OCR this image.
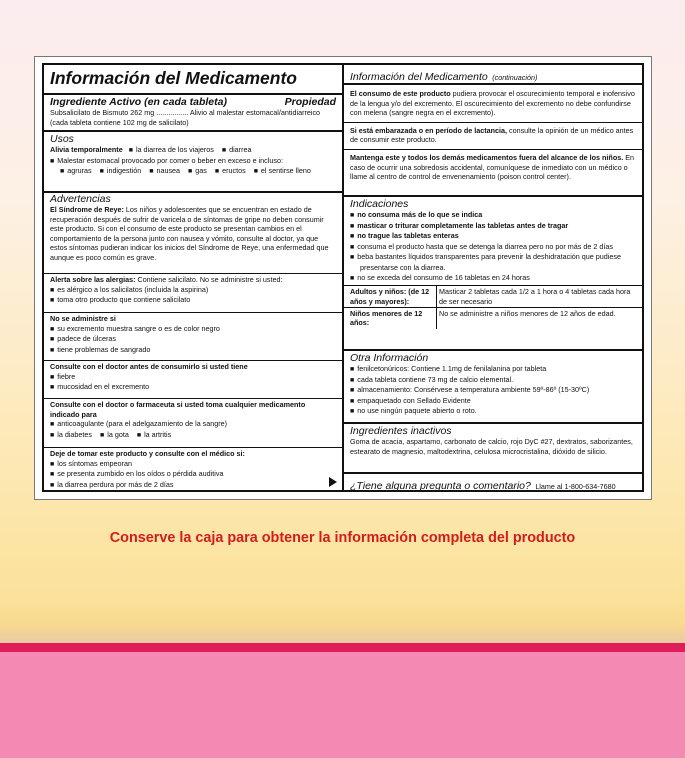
Información del Medicamento
Ingrediente Activo (en cada tableta)	Propiedad
Subsalicilato de Bismuto 262 mg ................ Alivio al malestar estomacal/antidiarreico
(cada tableta contiene 102 mg de salicilato)
Usos
Alivia temporalmente ■ la diarrea de los viajeros ■ diarrea
■ Malestar estomacal provocado por comer o beber en exceso e incluso:
■ agruras ■ indigestión ■ nausea ■ gas ■ eructos ■ el sentirse lleno
Advertencias
El Síndrome de Reye: Los niños y adolescentes que se encuentran en estado de recuperación después de sufrir de varicela o de síntomas de gripe no deben consumir este producto. Si con el consumo de este producto se presentan cambios en el comportamiento de la persona junto con nausea y vómito, consulte al doctor, ya que estos síntomas pudieran indicar los inicios del Síndrome de Reye, una enfermedad que aunque es poco común es grave.
Alerta sobre las alergias: Contiene salicilato. No se administre si usted:
■ es alérgico a los salicilatos (incluida la aspirina)
■ toma otro producto que contiene salicilato
No se administre si
■ su excremento muestra sangre o es de color negro
■ padece de úlceras
■ tiene problemas de sangrado
Consulte con el doctor antes de consumirlo si usted tiene
■ fiebre
■ mucosidad en el excremento
Consulte con el doctor o farmaceuta si usted toma cualquier medicamento indicado para
■ anticoagulante (para el adelgazamiento de la sangre)
■ la diabetes ■ la gota ■ la artritis
Deje de tomar este producto y consulte con el médico si:
■ los síntomas empeoran
■ se presenta zumbido en los oídos o pérdida auditiva
■ la diarrea perdura por más de 2 días
Información del Medicamento (continuación)
El consumo de este producto pudiera provocar el oscurecimiento temporal e inofensivo de la lengua y/o del excremento. El oscurecimiento del excremento no debe confundirse con melena (sangre negra en el excremento).
Si está embarazada o en período de lactancia, consulte la opinión de un médico antes de consumir este producto.
Mantenga este y todos los demás medicamentos fuera del alcance de los niños. En caso de ocurrir una sobredosis accidental, comuníquese de inmediato con un médico o llame al centro de control de envenenamiento (poison control center).
Indicaciones
■ no consuma más de lo que se indica
■ masticar o triturar completamente las tabletas antes de tragar
■ no trague las tabletas enteras
■ consuma el producto hasta que se detenga la diarrea pero no por más de 2 días
■ beba bastantes líquidos transparentes para prevenir la deshidratación que pudiese presentarse con la diarrea.
■ no se exceda del consumo de 16 tabletas en 24 horas
Adultos y niños: (de 12 años y mayores):	Masticar 2 tabletas cada 1/2 a 1 hora o 4 tabletas cada hora de ser necesario
Niños menores de 12 años:	No se administre a niños menores de 12 años de edad.
Otra Información
■ fenilcetonúricos: Contiene 1.1mg de fenilalanina por tableta
■ cada tableta contiene 73 mg de calcio elemental.
■ almacenamiento: Consérvese a temperatura ambiente 59º-86º (15-30ºC)
■ empaquetado con Sellado Evidente
■ no use ningún paquete abierto o roto.
Ingredientes inactivos
Goma de acacia, aspartamo, carbonato de calcio, rojo DyC #27, dextratos, saborizantes, estearato de magnesio, maltodextrina, celulosa microcristalina, dióxido de silicio.
¿Tiene alguna pregunta o comentario? Llame al 1-800-634-7680
Conserve la caja para obtener la información completa del producto
